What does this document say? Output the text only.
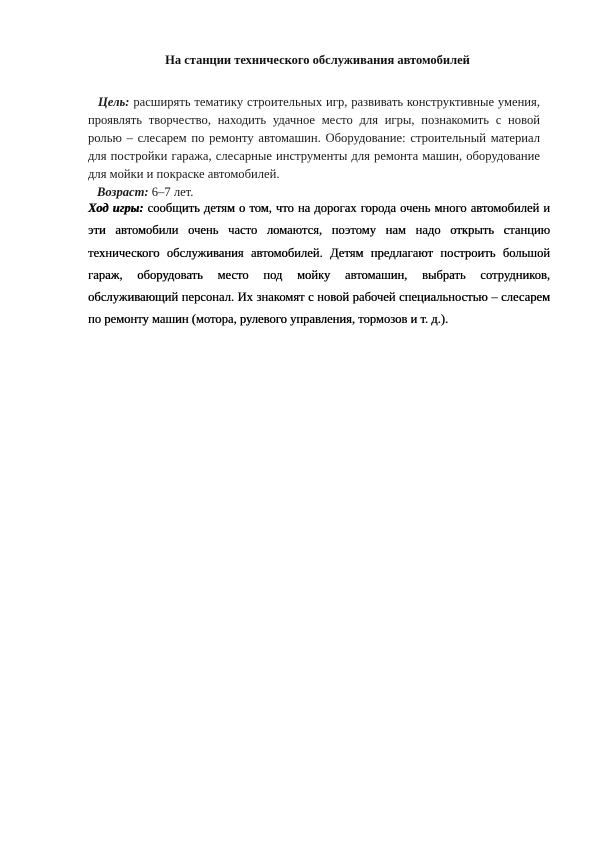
На станции технического обслуживания автомобилей

Цель: расширять тематику строительных игр, развивать конструктивные умения, проявлять творчество, находить удачное место для игры, познакомить с новой ролью – слесарем по ремонту автомашин. Оборудование: строительный материал для постройки гаража, слесарные инструменты для ремонта машин, оборудование для мойки и покраске автомобилей.

Возраст: 6–7 лет.

Ход игры: сообщить детям о том, что на дорогах города очень много автомобилей и эти автомобили очень часто ломаются, поэтому нам надо открыть станцию технического обслуживания автомобилей. Детям предлагают построить большой гараж, оборудовать место под мойку автомашин, выбрать сотрудников, обслуживающий персонал. Их знакомят с новой рабочей специальностью – слесарем по ремонту машин (мотора, рулевого управления, тормозов и т. д.).
